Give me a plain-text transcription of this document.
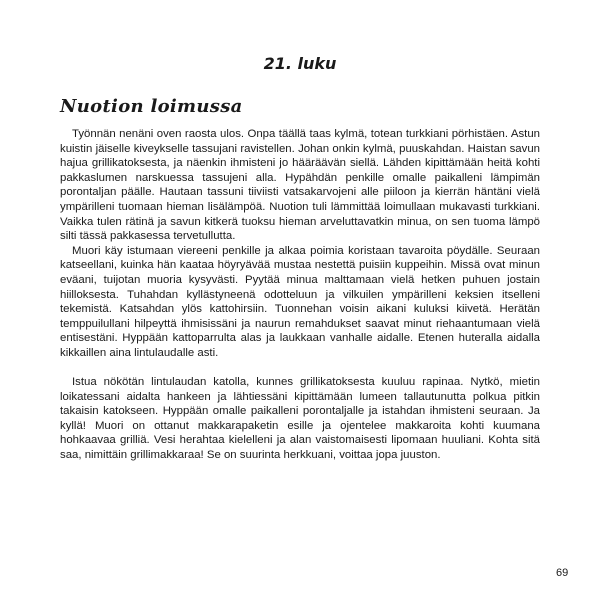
21. luku
Nuotion loimussa

Työnnän nenäni oven raosta ulos. Onpa täällä taas kylmä, totean turkkiani pörhistäen. Astun kuistin jäiselle kiveykselle tassujani ravistellen. Johan onkin kylmä, puuskahdan. Haistan savun hajua grillikatoksesta, ja näenkin ihmisteni jo hääräävän siellä. Lähden kipittämään heitä kohti pakkaslumen narskuessa tassujeni alla. Hypähdän penkille omalle paikalleni lämpimän porontaljan päälle. Hautaan tassuni tiiviisti vatsakarvojeni alle piiloon ja kierrän häntäni vielä ympärilleni tuomaan hieman lisälämpöä. Nuotion tuli lämmittää loimullaan mukavasti turkkiani. Vaikka tulen rätinä ja savun kitkerä tuoksu hieman arveluttavatkin minua, on sen tuoma lämpö silti tässä pakkasessa tervetullutta.

Muori käy istumaan viereeni penkille ja alkaa poimia koristaan tavaroita pöydälle. Seuraan katseellani, kuinka hän kaataa höyryävää mustaa nestettä puisiin kuppeihin. Missä ovat minun eväani, tuijotan muoria kysyvästi. Pyytää minua malttamaan vielä hetken puhuen jostain hiilloksesta. Tuhahdan kyllästyneenä odotteluun ja vilkuilen ympärilleni keksien itselleni tekemistä. Katsahdan ylös kattohirsiin. Tuonnehan voisin aikani kuluksi kiivetä. Herätän temppuilullani hilpeyttä ihmisissäni ja naurun remahdukset saavat minut riehaantumaan vielä entisestäni. Hyppään kattoparrulta alas ja laukkaan vanhalle aidalle. Etenen huteralla aidalla kikkaillen aina lintulaudalle asti.

Istua nökötän lintulaudan katolla, kunnes grillikatoksesta kuuluu rapinaa. Nytkö, mietin loikatessani aidalta hankeen ja lähtiessäni kipittämään lumeen tallautunutta polkua pitkin takaisin katokseen. Hyppään omalle paikalleni porontaljalle ja istahdan ihmisteni seuraan. Ja kyllä! Muori on ottanut makkarapaketin esille ja ojentelee makkaroita kohti kuumana hohkaavaa grilliä. Vesi herahtaa kielelleni ja alan vaistomaisesti lipomaan huuliani. Kohta sitä saa, nimittäin grillimakkaraa! Se on suurinta herkkuani, voittaa jopa juuston.

69
